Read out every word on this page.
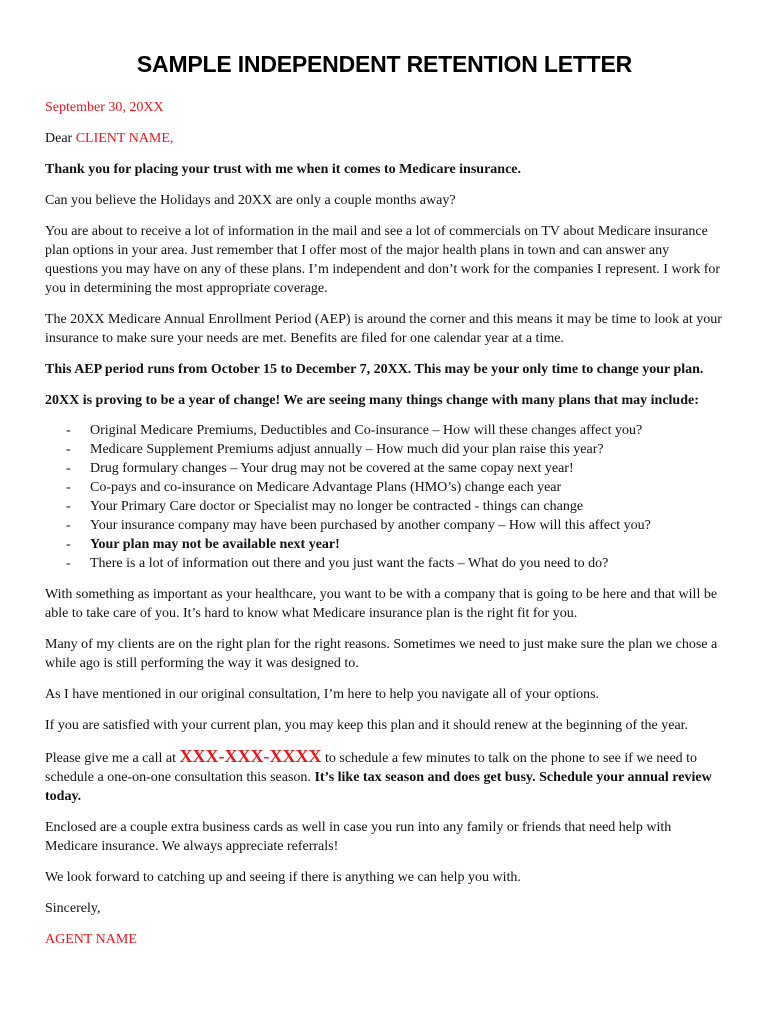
SAMPLE INDEPENDENT RETENTION LETTER

September 30, 20XX

Dear CLIENT NAME,

Thank you for placing your trust with me when it comes to Medicare insurance.

Can you believe the Holidays and 20XX are only a couple months away?

You are about to receive a lot of information in the mail and see a lot of commercials on TV about Medicare insurance plan options in your area. Just remember that I offer most of the major health plans in town and can answer any questions you may have on any of these plans. I’m independent and don’t work for the companies I represent. I work for you in determining the most appropriate coverage.

The 20XX Medicare Annual Enrollment Period (AEP) is around the corner and this means it may be time to look at your insurance to make sure your needs are met. Benefits are filed for one calendar year at a time.

This AEP period runs from October 15 to December 7, 20XX. This may be your only time to change your plan.

20XX is proving to be a year of change! We are seeing many things change with many plans that may include:

- Original Medicare Premiums, Deductibles and Co-insurance – How will these changes affect you?
- Medicare Supplement Premiums adjust annually – How much did your plan raise this year?
- Drug formulary changes – Your drug may not be covered at the same copay next year!
- Co-pays and co-insurance on Medicare Advantage Plans (HMO’s) change each year
- Your Primary Care doctor or Specialist may no longer be contracted - things can change
- Your insurance company may have been purchased by another company – How will this affect you?
- Your plan may not be available next year!
- There is a lot of information out there and you just want the facts – What do you need to do?

With something as important as your healthcare, you want to be with a company that is going to be here and that will be able to take care of you. It’s hard to know what Medicare insurance plan is the right fit for you.

Many of my clients are on the right plan for the right reasons. Sometimes we need to just make sure the plan we chose a while ago is still performing the way it was designed to.

As I have mentioned in our original consultation, I’m here to help you navigate all of your options.

If you are satisfied with your current plan, you may keep this plan and it should renew at the beginning of the year.

Please give me a call at XXX-XXX-XXXX to schedule a few minutes to talk on the phone to see if we need to schedule a one-on-one consultation this season. It’s like tax season and does get busy. Schedule your annual review today.

Enclosed are a couple extra business cards as well in case you run into any family or friends that need help with Medicare insurance. We always appreciate referrals!

We look forward to catching up and seeing if there is anything we can help you with.

Sincerely,

AGENT NAME
